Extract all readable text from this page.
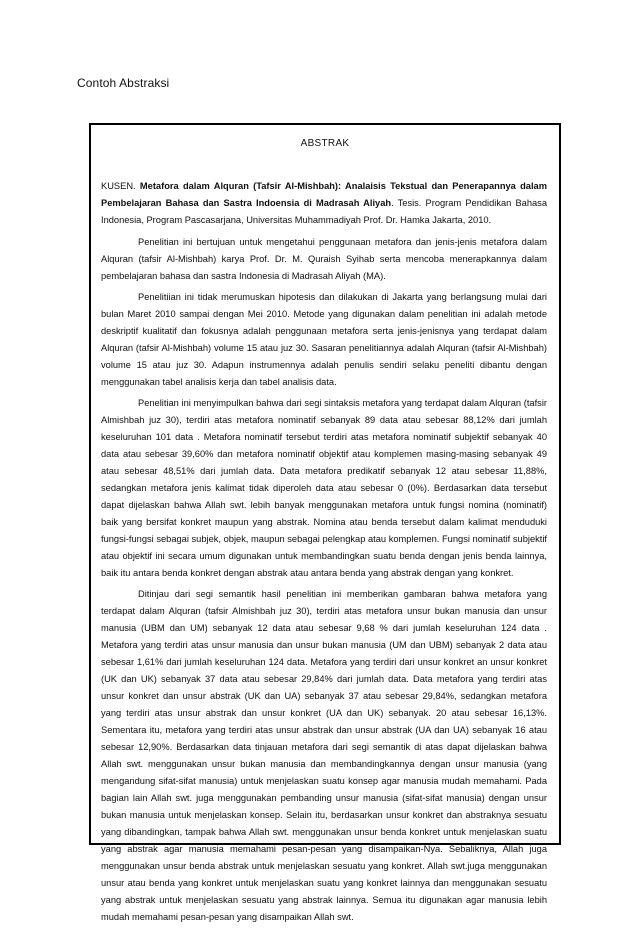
Contoh Abstraksi
ABSTRAK

KUSEN. Metafora dalam Alquran (Tafsir Al-Mishbah): Analaisis Tekstual dan Penerapannya dalam Pembelajaran Bahasa dan Sastra Indoensia di Madrasah Aliyah. Tesis. Program Pendidikan Bahasa Indonesia, Program Pascasarjana, Universitas Muhammadiyah Prof. Dr. Hamka Jakarta, 2010.

Penelitian ini bertujuan untuk mengetahui penggunaan metafora dan jenis-jenis metafora dalam Alquran (tafsir Al-Mishbah) karya Prof. Dr. M. Quraish Syihab serta mencoba menerapkannya dalam pembelajaran bahasa dan sastra Indonesia di Madrasah Aliyah (MA).

Penelitiian ini tidak merumuskan hipotesis dan dilakukan di Jakarta yang berlangsung mulai dari bulan Maret 2010 sampai dengan Mei 2010. Metode yang digunakan dalam penelitian ini adalah metode deskriptif kualitatif dan fokusnya adalah penggunaan metafora serta jenis-jenisnya yang terdapat dalam Alquran (tafsir Al-Mishbah) volume 15 atau juz 30. Sasaran penelitiannya adalah Alquran (tafsir Al-Mishbah) volume 15 atau juz 30. Adapun instrumennya adalah penulis sendiri selaku peneliti dibantu dengan menggunakan tabel analisis kerja dan tabel analisis data.

Penelitian ini menyimpulkan bahwa dari segi sintaksis metafora yang terdapat dalam Alquran (tafsir Almishbah juz 30), terdiri atas metafora nominatif sebanyak 89 data atau sebesar 88,12% dari jumlah keseluruhan 101 data . Metafora nominatif tersebut terdiri atas metafora nominatif subjektif sebanyak 40 data atau sebesar 39,60% dan metafora nominatif objektif atau komplemen masing-masing sebanyak 49 atau sebesar 48,51% dari jumlah data. Data metafora predikatif sebanyak 12 atau sebesar 11,88%, sedangkan metafora jenis kalimat tidak diperoleh data atau sebesar 0 (0%). Berdasarkan data tersebut dapat dijelaskan bahwa Allah swt. lebih banyak menggunakan metafora untuk fungsi nomina (nominatif) baik yang bersifat konkret maupun yang abstrak. Nomina atau benda tersebut dalam kalimat menduduki fungsi-fungsi sebagai subjek, objek, maupun sebagai pelengkap atau komplemen. Fungsi nominatif subjektif atau objektif ini secara umum digunakan untuk membandingkan suatu benda dengan jenis benda lainnya, baik itu antara benda konkret dengan abstrak atau antara benda yang abstrak dengan yang konkret.

Ditinjau dari segi semantik hasil penelitian ini memberikan gambaran bahwa metafora yang terdapat dalam Alquran (tafsir Almishbah juz 30), terdiri atas metafora unsur bukan manusia dan unsur manusia (UBM dan UM) sebanyak 12 data atau sebesar 9,68 % dari jumlah keseluruhan 124 data . Metafora yang terdiri atas unsur manusia dan unsur bukan manusia (UM dan UBM) sebanyak 2 data atau sebesar 1,61% dari jumlah keseluruhan 124 data. Metafora yang terdiri dari unsur konkret an unsur konkret (UK dan UK) sebanyak 37 data atau sebesar 29,84% dari jumlah data. Data metafora yang terdiri atas unsur konkret dan unsur abstrak (UK dan UA) sebanyak 37 atau sebesar 29,84%, sedangkan metafora yang terdiri atas unsur abstrak dan unsur konkret (UA dan UK) sebanyak. 20 atau sebesar 16,13%. Sementara itu, metafora yang terdiri atas unsur abstrak dan unsur abstrak (UA dan UA) sebanyak 16 atau sebesar 12,90%. Berdasarkan data tinjauan metafora dari segi semantik di atas dapat dijelaskan bahwa Allah swt. menggunakan unsur bukan manusia dan membandingkannya dengan unsur manusia (yang mengandung sifat-sifat manusia) untuk menjelaskan suatu konsep agar manusia mudah memahami. Pada bagian lain Allah swt. juga menggunakan pembanding unsur manusia (sifat-sifat manusia) dengan unsur bukan manusia untuk menjelaskan konsep. Selain itu, berdasarkan unsur konkret dan abstraknya sesuatu yang dibandingkan, tampak bahwa Allah swt. menggunakan unsur benda konkret untuk menjelaskan suatu yang abstrak agar manusia memahami pesan-pesan yang disampaikan-Nya. Sebaliknya, Allah juga menggunakan unsur benda abstrak untuk menjelaskan sesuatu yang konkret. Allah swt.juga menggunakan unsur atau benda yang konkret untuk menjelaskan suatu yang konkret lainnya dan menggunakan sesuatu yang abstrak untuk menjelaskan sesuatu yang abstrak lainnya. Semua itu digunakan agar manusia lebih mudah memahami pesan-pesan yang disampaikan Allah swt.
